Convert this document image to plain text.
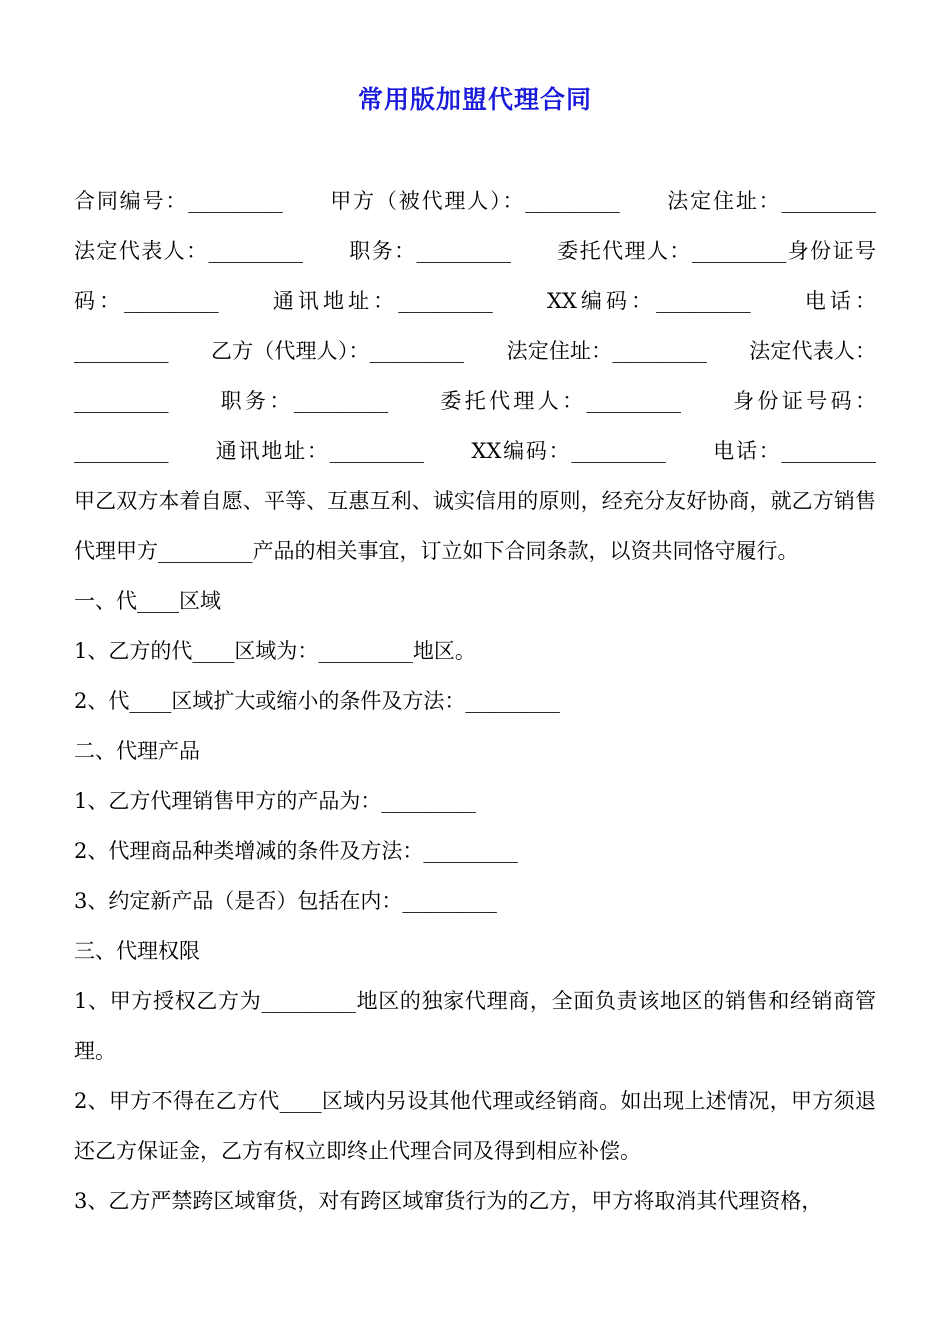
常用版加盟代理合同

合同编号：_________　　甲方（被代理人）：_________　　法定住址：_________　　法定代表人：_________　　职务：_________　　委托代理人：_________身份证号码：_________　　通讯地址：_________　　XX编码：_________　　电话：_________　　乙方（代理人）：_________　　法定住址：_________　　法定代表人：_________　　职务：_________　　委托代理人：_________　　身份证号码：_________　　通讯地址：_________　　XX编码：_________　　电话：_________　　　甲乙双方本着自愿、平等、互惠互利、诚实信用的原则，经充分友好协商，就乙方销售代理甲方_________产品的相关事宜，订立如下合同条款，以资共同恪守履行。

一、代____区域

1、乙方的代____区域为：_________地区。

2、代____区域扩大或缩小的条件及方法：_________

二、代理产品

1、乙方代理销售甲方的产品为：_________

2、代理商品种类增减的条件及方法：_________

3、约定新产品（是否）包括在内：_________

三、代理权限

1、甲方授权乙方为_________地区的独家代理商，全面负责该地区的销售和经销商管理。

2、甲方不得在乙方代____区域内另设其他代理或经销商。如出现上述情况，甲方须退还乙方保证金，乙方有权立即终止代理合同及得到相应补偿。

3、乙方严禁跨区域窜货，对有跨区域窜货行为的乙方，甲方将取消其代理资格，
